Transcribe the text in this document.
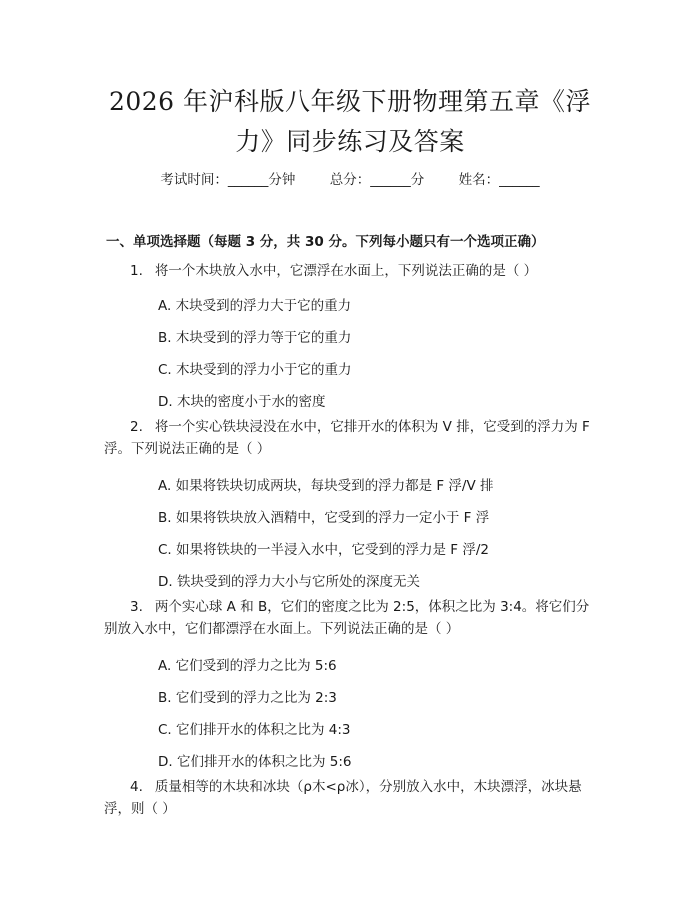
2026 年沪科版八年级下册物理第五章《浮
力》同步练习及答案
考试时间：______分钟	总分：______分	姓名：______
一、单项选择题（每题 3 分，共 30 分。下列每小题只有一个选项正确）
1. 将一个木块放入水中，它漂浮在水面上，下列说法正确的是（ ）
A. 木块受到的浮力大于它的重力
B. 木块受到的浮力等于它的重力
C. 木块受到的浮力小于它的重力
D. 木块的密度小于水的密度
2. 将一个实心铁块浸没在水中，它排开水的体积为 V 排，它受到的浮力为 F 浮。下列说法正确的是（ ）
A. 如果将铁块切成两块，每块受到的浮力都是 F 浮/V 排
B. 如果将铁块放入酒精中，它受到的浮力一定小于 F 浮
C. 如果将铁块的一半浸入水中，它受到的浮力是 F 浮/2
D. 铁块受到的浮力大小与它所处的深度无关
3. 两个实心球 A 和 B，它们的密度之比为 2:5，体积之比为 3:4。将它们分别放入水中，它们都漂浮在水面上。下列说法正确的是（ ）
A. 它们受到的浮力之比为 5:6
B. 它们受到的浮力之比为 2:3
C. 它们排开水的体积之比为 4:3
D. 它们排开水的体积之比为 5:6
4. 质量相等的木块和冰块（ρ木<ρ冰），分别放入水中，木块漂浮，冰块悬浮，则（ ）
